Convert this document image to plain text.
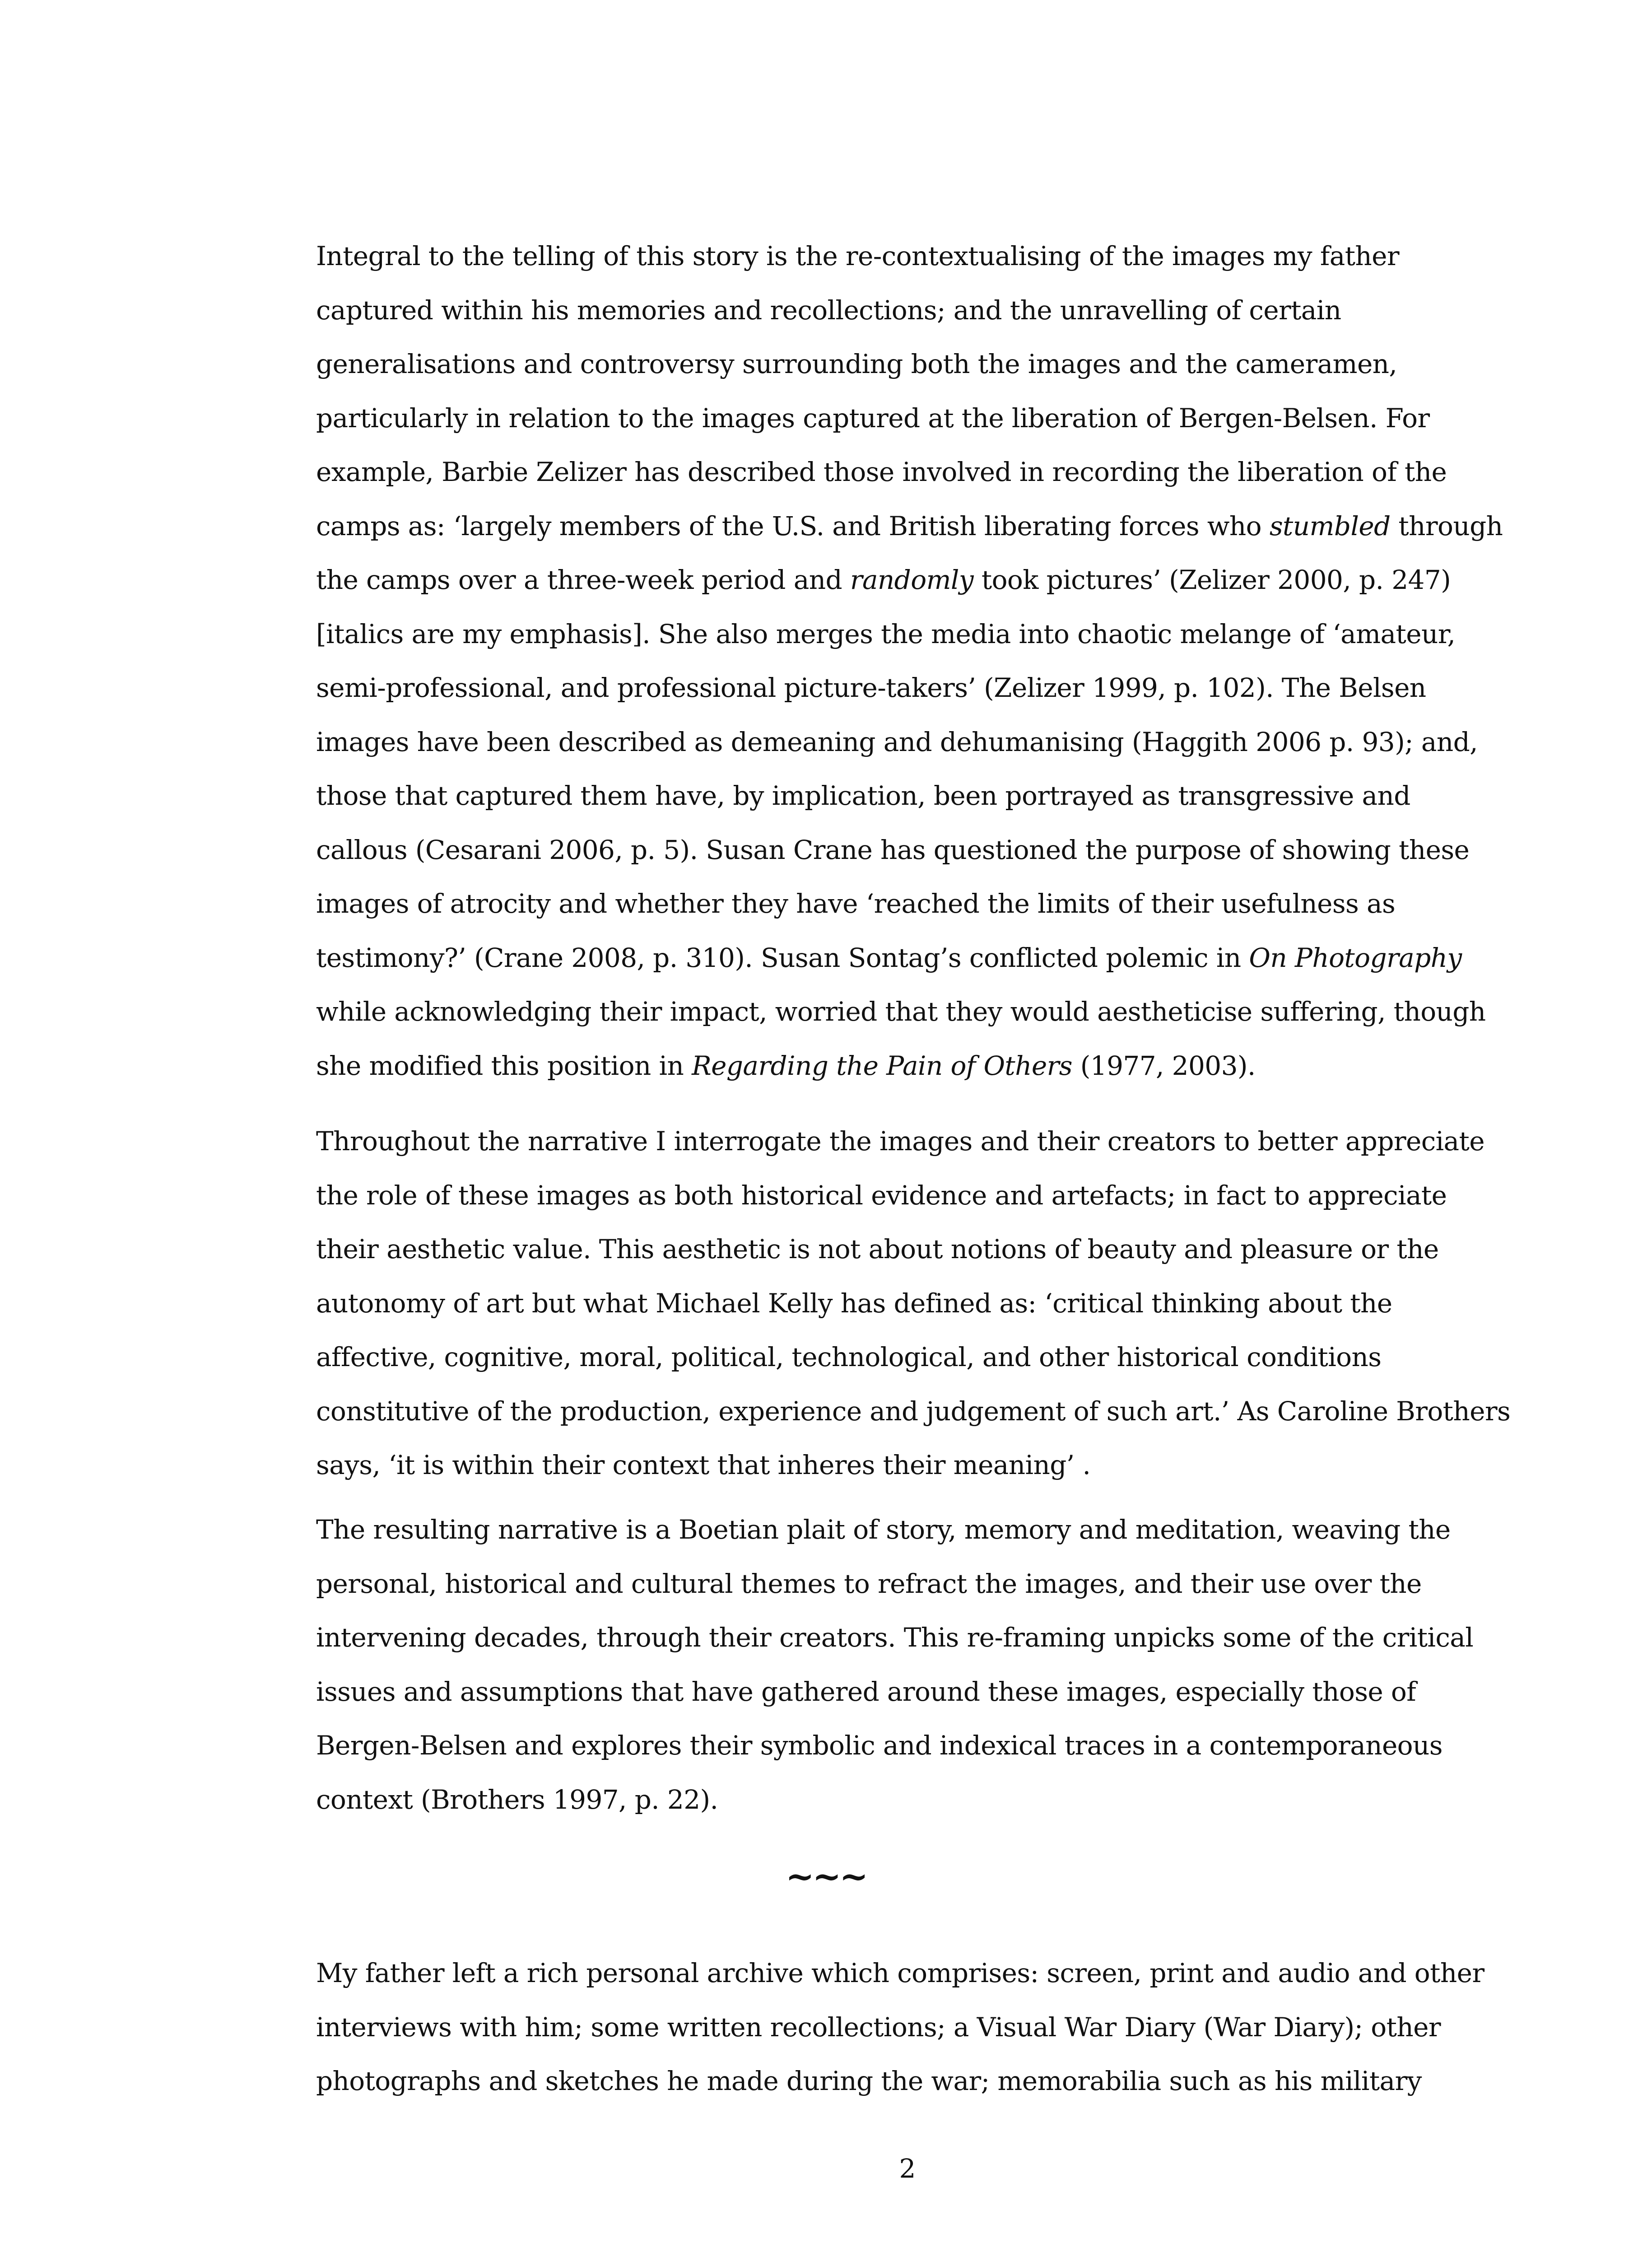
Integral to the telling of this story is the re-contextualising of the images my father
captured within his memories and recollections; and the unravelling of certain
generalisations and controversy surrounding both the images and the cameramen,
particularly in relation to the images captured at the liberation of Bergen-Belsen. For
example, Barbie Zelizer has described those involved in recording the liberation of the
camps as: ‘largely members of the U.S. and British liberating forces who stumbled through
the camps over a three-week period and randomly took pictures’ (Zelizer 2000, p. 247)
[italics are my emphasis]. She also merges the media into chaotic melange of ‘amateur,
semi-professional, and professional picture-takers’ (Zelizer 1999, p. 102). The Belsen
images have been described as demeaning and dehumanising (Haggith 2006 p. 93); and,
those that captured them have, by implication, been portrayed as transgressive and
callous (Cesarani 2006, p. 5). Susan Crane has questioned the purpose of showing these
images of atrocity and whether they have ‘reached the limits of their usefulness as
testimony?’ (Crane 2008, p. 310). Susan Sontag’s conflicted polemic in On Photography
while acknowledging their impact, worried that they would aestheticise suffering, though
she modified this position in Regarding the Pain of Others (1977, 2003).
Throughout the narrative I interrogate the images and their creators to better appreciate
the role of these images as both historical evidence and artefacts; in fact to appreciate
their aesthetic value. This aesthetic is not about notions of beauty and pleasure or the
autonomy of art but what Michael Kelly has defined as: ‘critical thinking about the
affective, cognitive, moral, political, technological, and other historical conditions
constitutive of the production, experience and judgement of such art.’ As Caroline Brothers
says, ‘it is within their context that inheres their meaning’ .
The resulting narrative is a Boetian plait of story, memory and meditation, weaving the
personal, historical and cultural themes to refract the images, and their use over the
intervening decades, through their creators. This re-framing unpicks some of the critical
issues and assumptions that have gathered around these images, especially those of
Bergen-Belsen and explores their symbolic and indexical traces in a contemporaneous
context (Brothers 1997, p. 22).
~~~
My father left a rich personal archive which comprises: screen, print and audio and other
interviews with him; some written recollections; a Visual War Diary (War Diary); other
photographs and sketches he made during the war; memorabilia such as his military
2
